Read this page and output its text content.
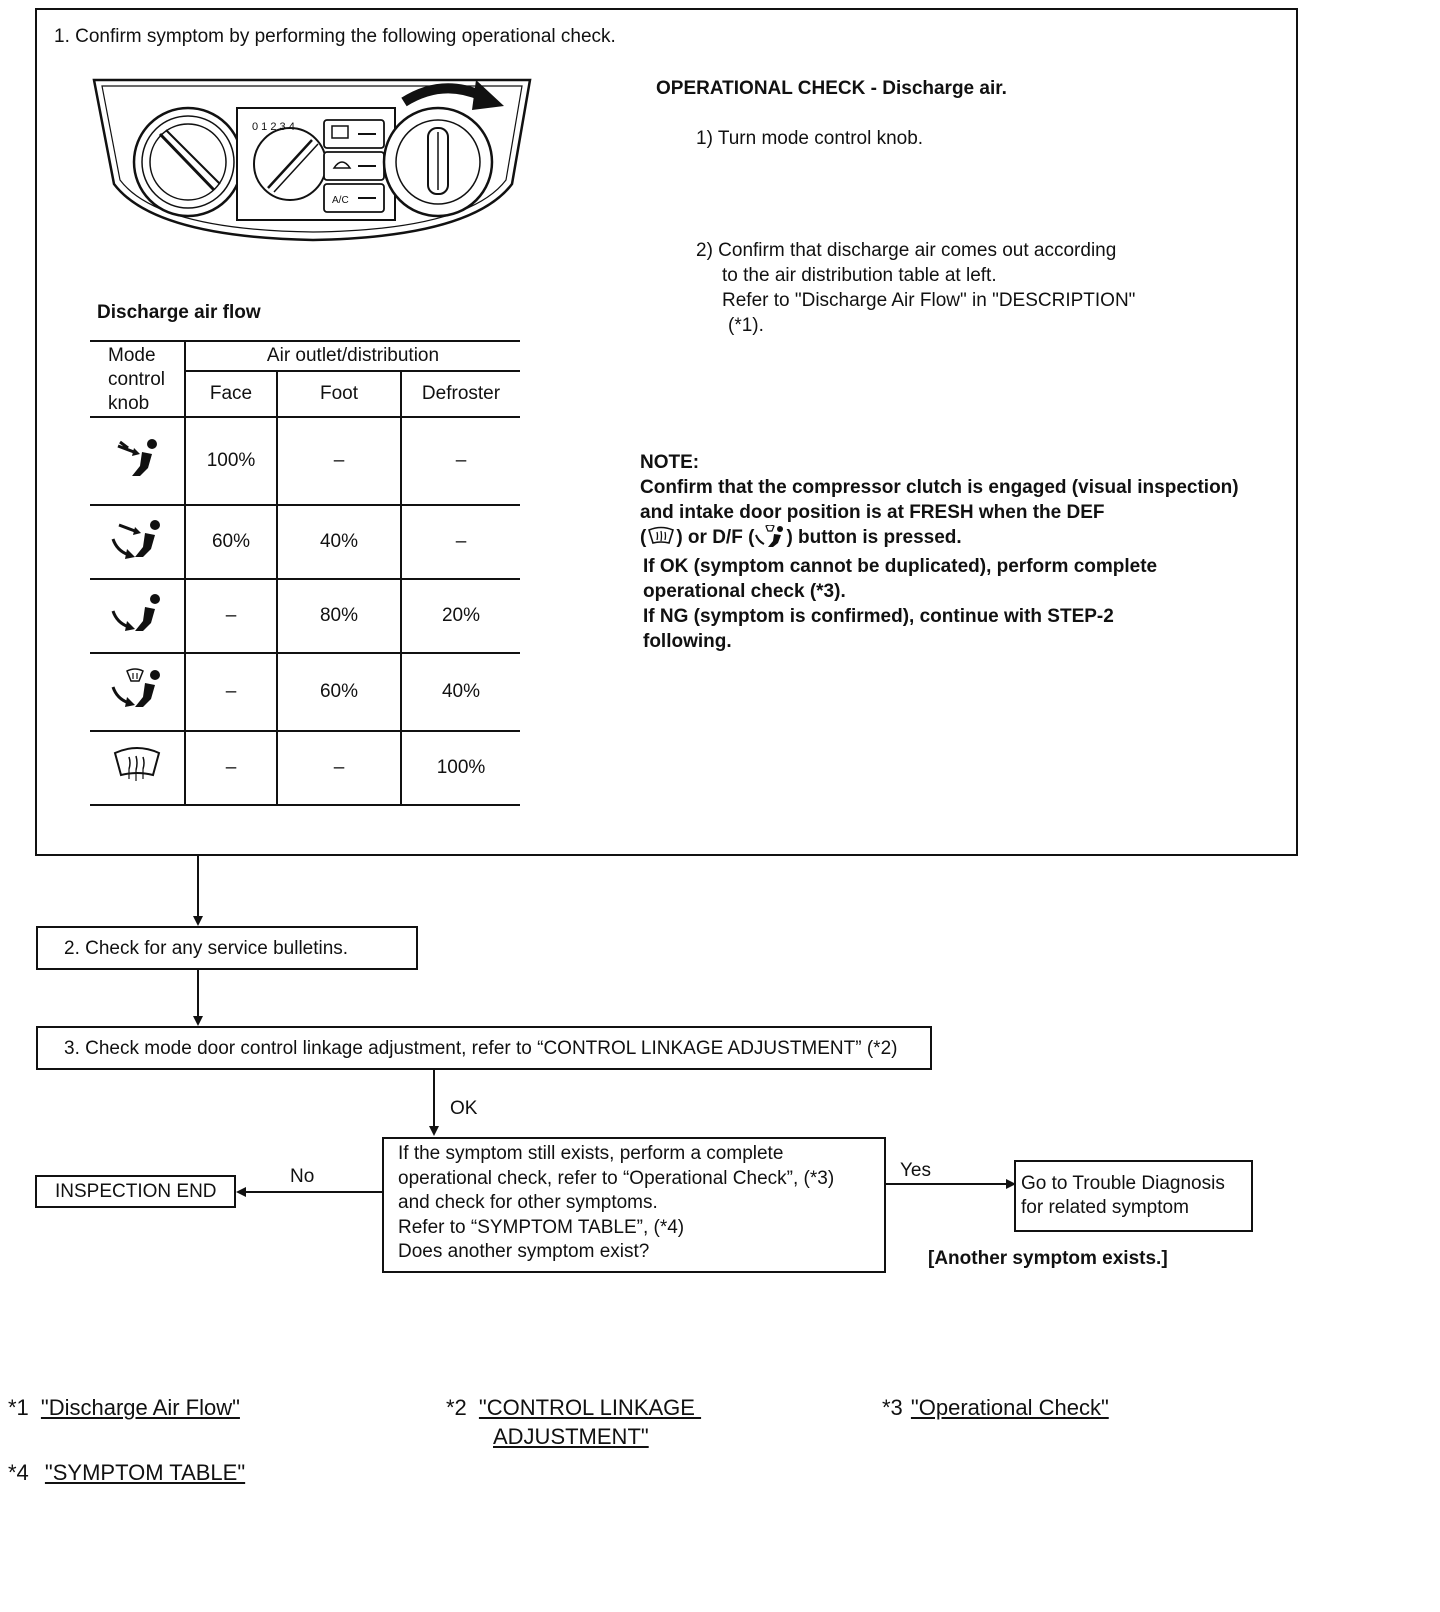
1. Confirm symptom by performing the following operational check.
0 1 2 3 4
A/C
Discharge air flow
Mode
control
knob	Air outlet/distribution		
	Face	Foot	Defroster
	100%	–	–
	60%	40%	–
	–	80%	20%
	–	60%	40%
	–	–	100%
OPERATIONAL CHECK - Discharge air.
1) Turn mode control knob.
2) Confirm that discharge air comes out according
to the air distribution table at left.
Refer to "Discharge Air Flow" in "DESCRIPTION"
(*1).
NOTE:
Confirm that the compressor clutch is engaged (visual inspection)
and intake door position is at FRESH when the DEF
( ) or D/F ( ) button is pressed.
If OK (symptom cannot be duplicated), perform complete
operational check (*3).
If NG (symptom is confirmed), continue with STEP-2
following.
2. Check for any service bulletins.
3. Check mode door control linkage adjustment, refer to “CONTROL LINKAGE ADJUSTMENT” (*2)
OK
If the symptom still exists, perform a complete
operational check, refer to “Operational Check”, (*3)
and check for other symptoms.
Refer to “SYMPTOM TABLE”, (*4)
Does another symptom exist?
No
INSPECTION END
Yes
Go to Trouble Diagnosis
for related symptom
[Another symptom exists.]
*1 "Discharge Air Flow"	*2 "CONTROL LINKAGE
ADJUSTMENT"
*3 "Operational Check"
*4 "SYMPTOM TABLE"
